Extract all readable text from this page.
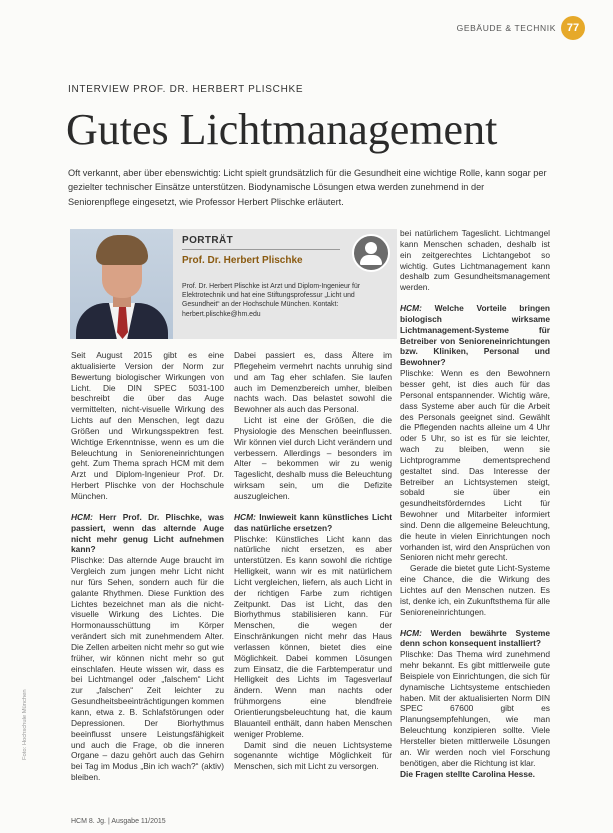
GEBÄUDE & TECHNIK 77
INTERVIEW PROF. DR. HERBERT PLISCHKE
Gutes Lichtmanagement
Oft verkannt, aber über ebenswichtig: Licht spielt grundsätzlich für die Gesundheit eine wichtige Rolle, kann sogar per gezielter technischer Einsätze unterstützen. Biodynamische Lösungen etwa werden zunehmend in der Seniorenpflege eingesetzt, wie Professor Herbert Plischke erläutert.
PORTRÄT
Prof. Dr. Herbert Plischke
Prof. Dr. Herbert Plischke ist Arzt und Diplom-Ingenieur für Elektrotechnik und hat eine Stiftungsprofessur „Licht und Gesundheit“ an der Hochschule München. Kontakt: herbert.plischke@hm.edu

Seit August 2015 gibt es eine aktualisierte Version der Norm zur Bewertung biologischer Wirkungen von Licht. Die DIN SPEC 5031-100 beschreibt die über das Auge vermittelten, nicht-visuelle Wirkung des Lichts auf den Menschen, legt dazu Größen und Wirkungsspektren fest. Wichtige Erkenntnisse, wenn es um die Beleuchtung in Senioreneinrichtungen geht. Zum Thema sprach HCM mit dem Arzt und Diplom-Ingenieur Prof. Dr. Herbert Plischke von der Hochschule München.

HCM: Herr Prof. Dr. Plischke, was passiert, wenn das alternde Auge nicht mehr genug Licht aufnehmen kann?

Plischke: Das alternde Auge braucht im Vergleich zum jungen mehr Licht nicht nur fürs Sehen, sondern auch für die galante Rhythmen. Diese Funktion des Lichtes bezeichnet man als die nicht-visuelle Wirkung des Lichtes. Die Hormonausschüttung im Körper verändert sich mit zunehmendem Alter. Die Zellen arbeiten nicht mehr so gut wie früher, wir können nicht mehr so gut einschlafen. Heute wissen wir, dass es bei Lichtmangel oder „falschem“ Licht zur „falschen“ Zeit leichter zu Gesundheitsbeeinträchtigungen kommen kann, etwa z. B. Schlafstörungen oder Depressionen. Der Biorhythmus beeinflusst unsere Leistungsfähigkeit und auch die Frage, ob die inneren Organe – dazu gehört auch das Gehirn bei Tag im Modus „Bin ich wach?“ (aktiv) bleiben.

Dabei passiert es, dass Ältere im Pflegeheim vermehrt nachts unruhig sind und am Tag eher schlafen. Sie laufen auch im Demenzbereich umher, bleiben nachts wach. Das belastet sowohl die Bewohner als auch das Personal.

Licht ist eine der Größen, die die Physiologie des Menschen beeinflussen. Wir können viel durch Licht verändern und verbessern. Allerdings – besonders im Alter – bekommen wir zu wenig Tageslicht, deshalb muss die Beleuchtung wirksam sein, um die Defizite auszugleichen.

HCM: Inwieweit kann künstliches Licht das natürliche ersetzen?

Plischke: Künstliches Licht kann das natürliche nicht ersetzen, es aber unterstützen. Es kann sowohl die richtige Helligkeit, wann wir es mit natürlichem Licht vergleichen, liefern, als auch Licht in der richtigen Farbe zum richtigen Zeitpunkt. Das ist Licht, das den Biorhythmus stabilisieren kann. Für Menschen, die wegen der Einschränkungen nicht mehr das Haus verlassen können, bietet dies eine Möglichkeit. Dabei kommen Lösungen zum Einsatz, die die Farbtemperatur und Helligkeit des Lichts im Tagesverlauf ändern. Wenn man nachts oder frühmorgens eine blendfreie Orientierungsbeleuchtung hat, die kaum Blauanteil enthält, dann haben Menschen weniger Probleme.

Damit sind die neuen Lichtsysteme sogenannte wichtige Möglichkeit für Menschen, sich mit Licht zu versorgen.

bei natürlichem Tageslicht. Lichtmangel kann Menschen schaden, deshalb ist ein zeitgerechtes Lichtangebot so wichtig. Gutes Lichtmanagement kann deshalb zum Gesundheitsmanagement werden.

HCM: Welche Vorteile bringen biologisch wirksame Lichtmanagement-Systeme für Betreiber von Senioreneinrichtungen bzw. Kliniken, Personal und Bewohner?

Plischke: Wenn es den Bewohnern besser geht, ist dies auch für das Personal entspannender. Wichtig wäre, dass Systeme aber auch für die Arbeit des Personals geeignet sind. Gewählt die Pflegenden nachts alleine um 4 Uhr oder 5 Uhr, so ist es für sie leichter, wach zu bleiben, wenn sie Lichtprogramme dementsprechend gestaltet sind. Das Interesse der Betreiber an Lichtsystemen steigt, sobald sie über ein gesundheitsförderndes Licht für Bewohner und Mitarbeiter informiert sind. Denn die allgemeine Beleuchtung, die heute in vielen Einrichtungen noch vorhanden ist, wird den Ansprüchen von Senioren nicht mehr gerecht.

Gerade die bietet gute Licht-Systeme eine Chance, die die Wirkung des Lichtes auf den Menschen nutzen. Es ist, denke ich, ein Zukunftsthema für alle Senioreneinrichtungen.

HCM: Werden bewährte Systeme denn schon konsequent installiert?

Plischke: Das Thema wird zunehmend mehr bekannt. Es gibt mittlerweile gute Beispiele von Einrichtungen, die sich für dynamische Lichtsysteme entschieden haben. Mit der aktualisierten Norm DIN SPEC 67600 gibt es Planungsempfehlungen, wie man Beleuchtung konzipieren sollte. Viele Hersteller bieten mittlerweile Lösungen an. Wir werden noch viel Forschung benötigen, aber die Richtung ist klar.

Die Fragen stellte Carolina Hesse.

Foto: Hochschule München
HCM 8. Jg. | Ausgabe 11/2015
